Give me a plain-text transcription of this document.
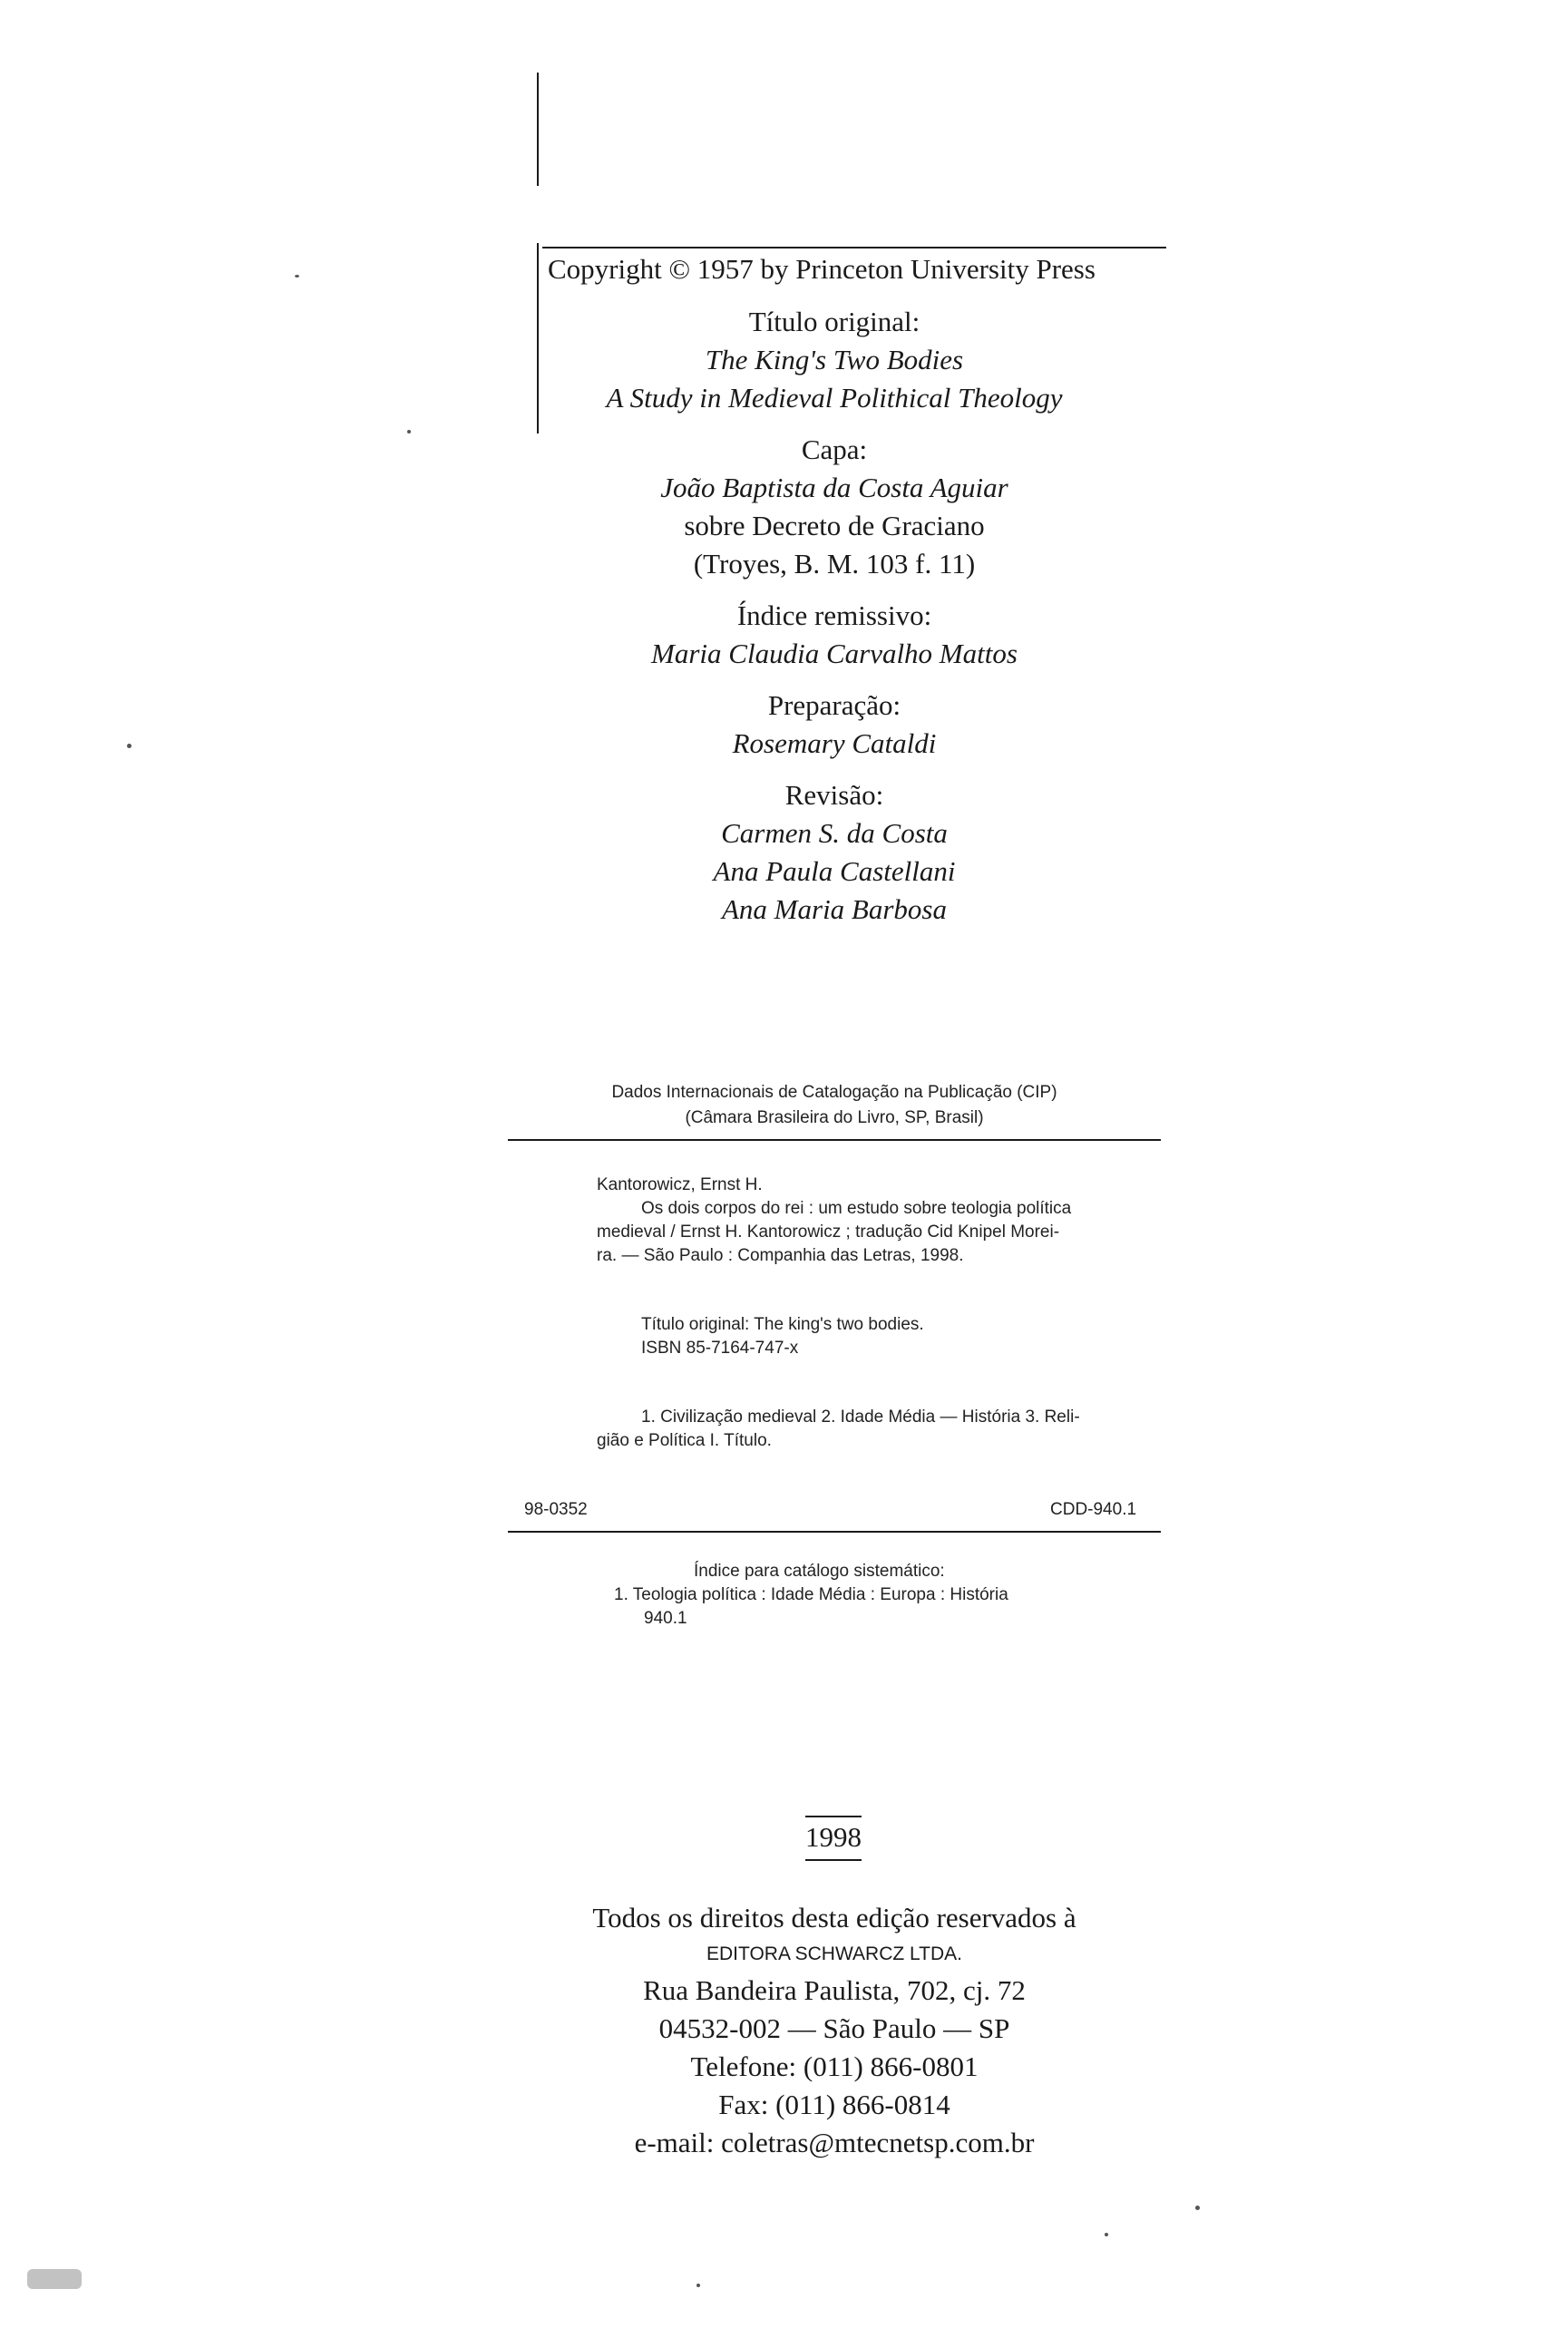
Copyright © 1957 by Princeton University Press
Título original:
The King's Two Bodies
A Study in Medieval Polithical Theology
Capa:
João Baptista da Costa Aguiar
sobre Decreto de Graciano
(Troyes, B. M. 103 f. 11)
Índice remissivo:
Maria Claudia Carvalho Mattos
Preparação:
Rosemary Cataldi
Revisão:
Carmen S. da Costa
Ana Paula Castellani
Ana Maria Barbosa
Dados Internacionais de Catalogação na Publicação (CIP)
(Câmara Brasileira do Livro, SP, Brasil)
Kantorowicz, Ernst H.
Os dois corpos do rei : um estudo sobre teologia política
medieval / Ernst H. Kantorowicz ; tradução Cid Knipel Morei-
ra. — São Paulo : Companhia das Letras, 1998.
Título original: The king's two bodies.
ISBN 85-7164-747-x
1. Civilização medieval 2. Idade Média — História 3. Reli-
gião e Política I. Título.
98-0352	CDD-940.1
Índice para catálogo sistemático:
1. Teologia política : Idade Média : Europa : História
940.1
1998
Todos os direitos desta edição reservados à
EDITORA SCHWARCZ LTDA.
Rua Bandeira Paulista, 702, cj. 72
04532-002 — São Paulo — SP
Telefone: (011) 866-0801
Fax: (011) 866-0814
e-mail: coletras@mtecnetsp.com.br
